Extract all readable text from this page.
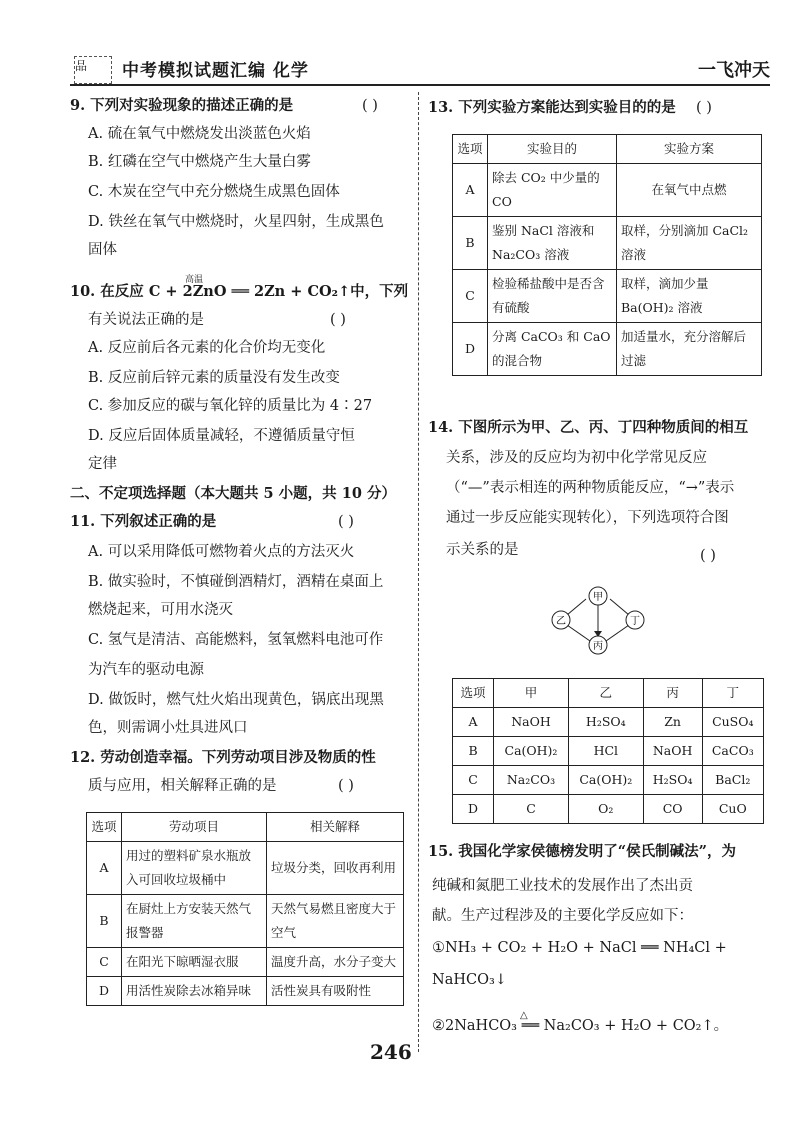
品	中考模拟试题汇编 化学	一飞冲天
9. 下列对实验现象的描述正确的是	( )
A. 硫在氧气中燃烧发出淡蓝色火焰
B. 红磷在空气中燃烧产生大量白雾
C. 木炭在空气中充分燃烧生成黑色固体
D. 铁丝在氧气中燃烧时，火星四射，生成黑色
固体
高温
10. 在反应 C + 2ZnO ══ 2Zn + CO₂↑中，下列
有关说法正确的是	( )
A. 反应前后各元素的化合价均无变化
B. 反应前后锌元素的质量没有发生改变
C. 参加反应的碳与氧化锌的质量比为 4∶27
D. 反应后固体质量减轻，不遵循质量守恒
定律
二、不定项选择题（本大题共 5 小题，共 10 分）
11. 下列叙述正确的是	( )
A. 可以采用降低可燃物着火点的方法灭火
B. 做实验时，不慎碰倒酒精灯，酒精在桌面上
燃烧起来，可用水浇灭
C. 氢气是清洁、高能燃料，氢氧燃料电池可作
为汽车的驱动电源
D. 做饭时，燃气灶火焰出现黄色，锅底出现黑
色，则需调小灶具进风口
12. 劳动创造幸福。下列劳动项目涉及物质的性
质与应用，相关解释正确的是	( )
选项	劳动项目	相关解释
A	用过的塑料矿泉水瓶放入可回收垃圾桶中	垃圾分类，回收再利用
B	在厨灶上方安装天然气报警器	天然气易燃且密度大于空气
C	在阳光下晾晒湿衣服	温度升高，水分子变大
D	用活性炭除去冰箱异味	活性炭具有吸附性
13. 下列实验方案能达到实验目的的是 ( )
选项	实验目的	实验方案
A	除去 CO₂ 中少量的 CO	在氧气中点燃
B	鉴别 NaCl 溶液和 Na₂CO₃ 溶液	取样，分别滴加 CaCl₂ 溶液
C	检验稀盐酸中是否含有硫酸	取样，滴加少量 Ba(OH)₂ 溶液
D	分离 CaCO₃ 和 CaO 的混合物	加适量水，充分溶解后过滤
14. 下图所示为甲、乙、丙、丁四种物质间的相互
关系，涉及的反应均为初中化学常见反应
（“—”表示相连的两种物质能反应，“→”表示
通过一步反应能实现转化），下列选项符合图
示关系的是	( )
甲
乙
丙
丁
选项	甲	乙	丙	丁
A	NaOH	H₂SO₄	Zn	CuSO₄
B	Ca(OH)₂	HCl	NaOH	CaCO₃
C	Na₂CO₃	Ca(OH)₂	H₂SO₄	BaCl₂
D	C	O₂	CO	CuO
15. 我国化学家侯德榜发明了“侯氏制碱法”，为
纯碱和氮肥工业技术的发展作出了杰出贡
献。生产过程涉及的主要化学反应如下：
①NH₃ + CO₂ + H₂O + NaCl ══ NH₄Cl +
NaHCO₃↓
△
②2NaHCO₃ ══ Na₂CO₃ + H₂O + CO₂↑。
246
